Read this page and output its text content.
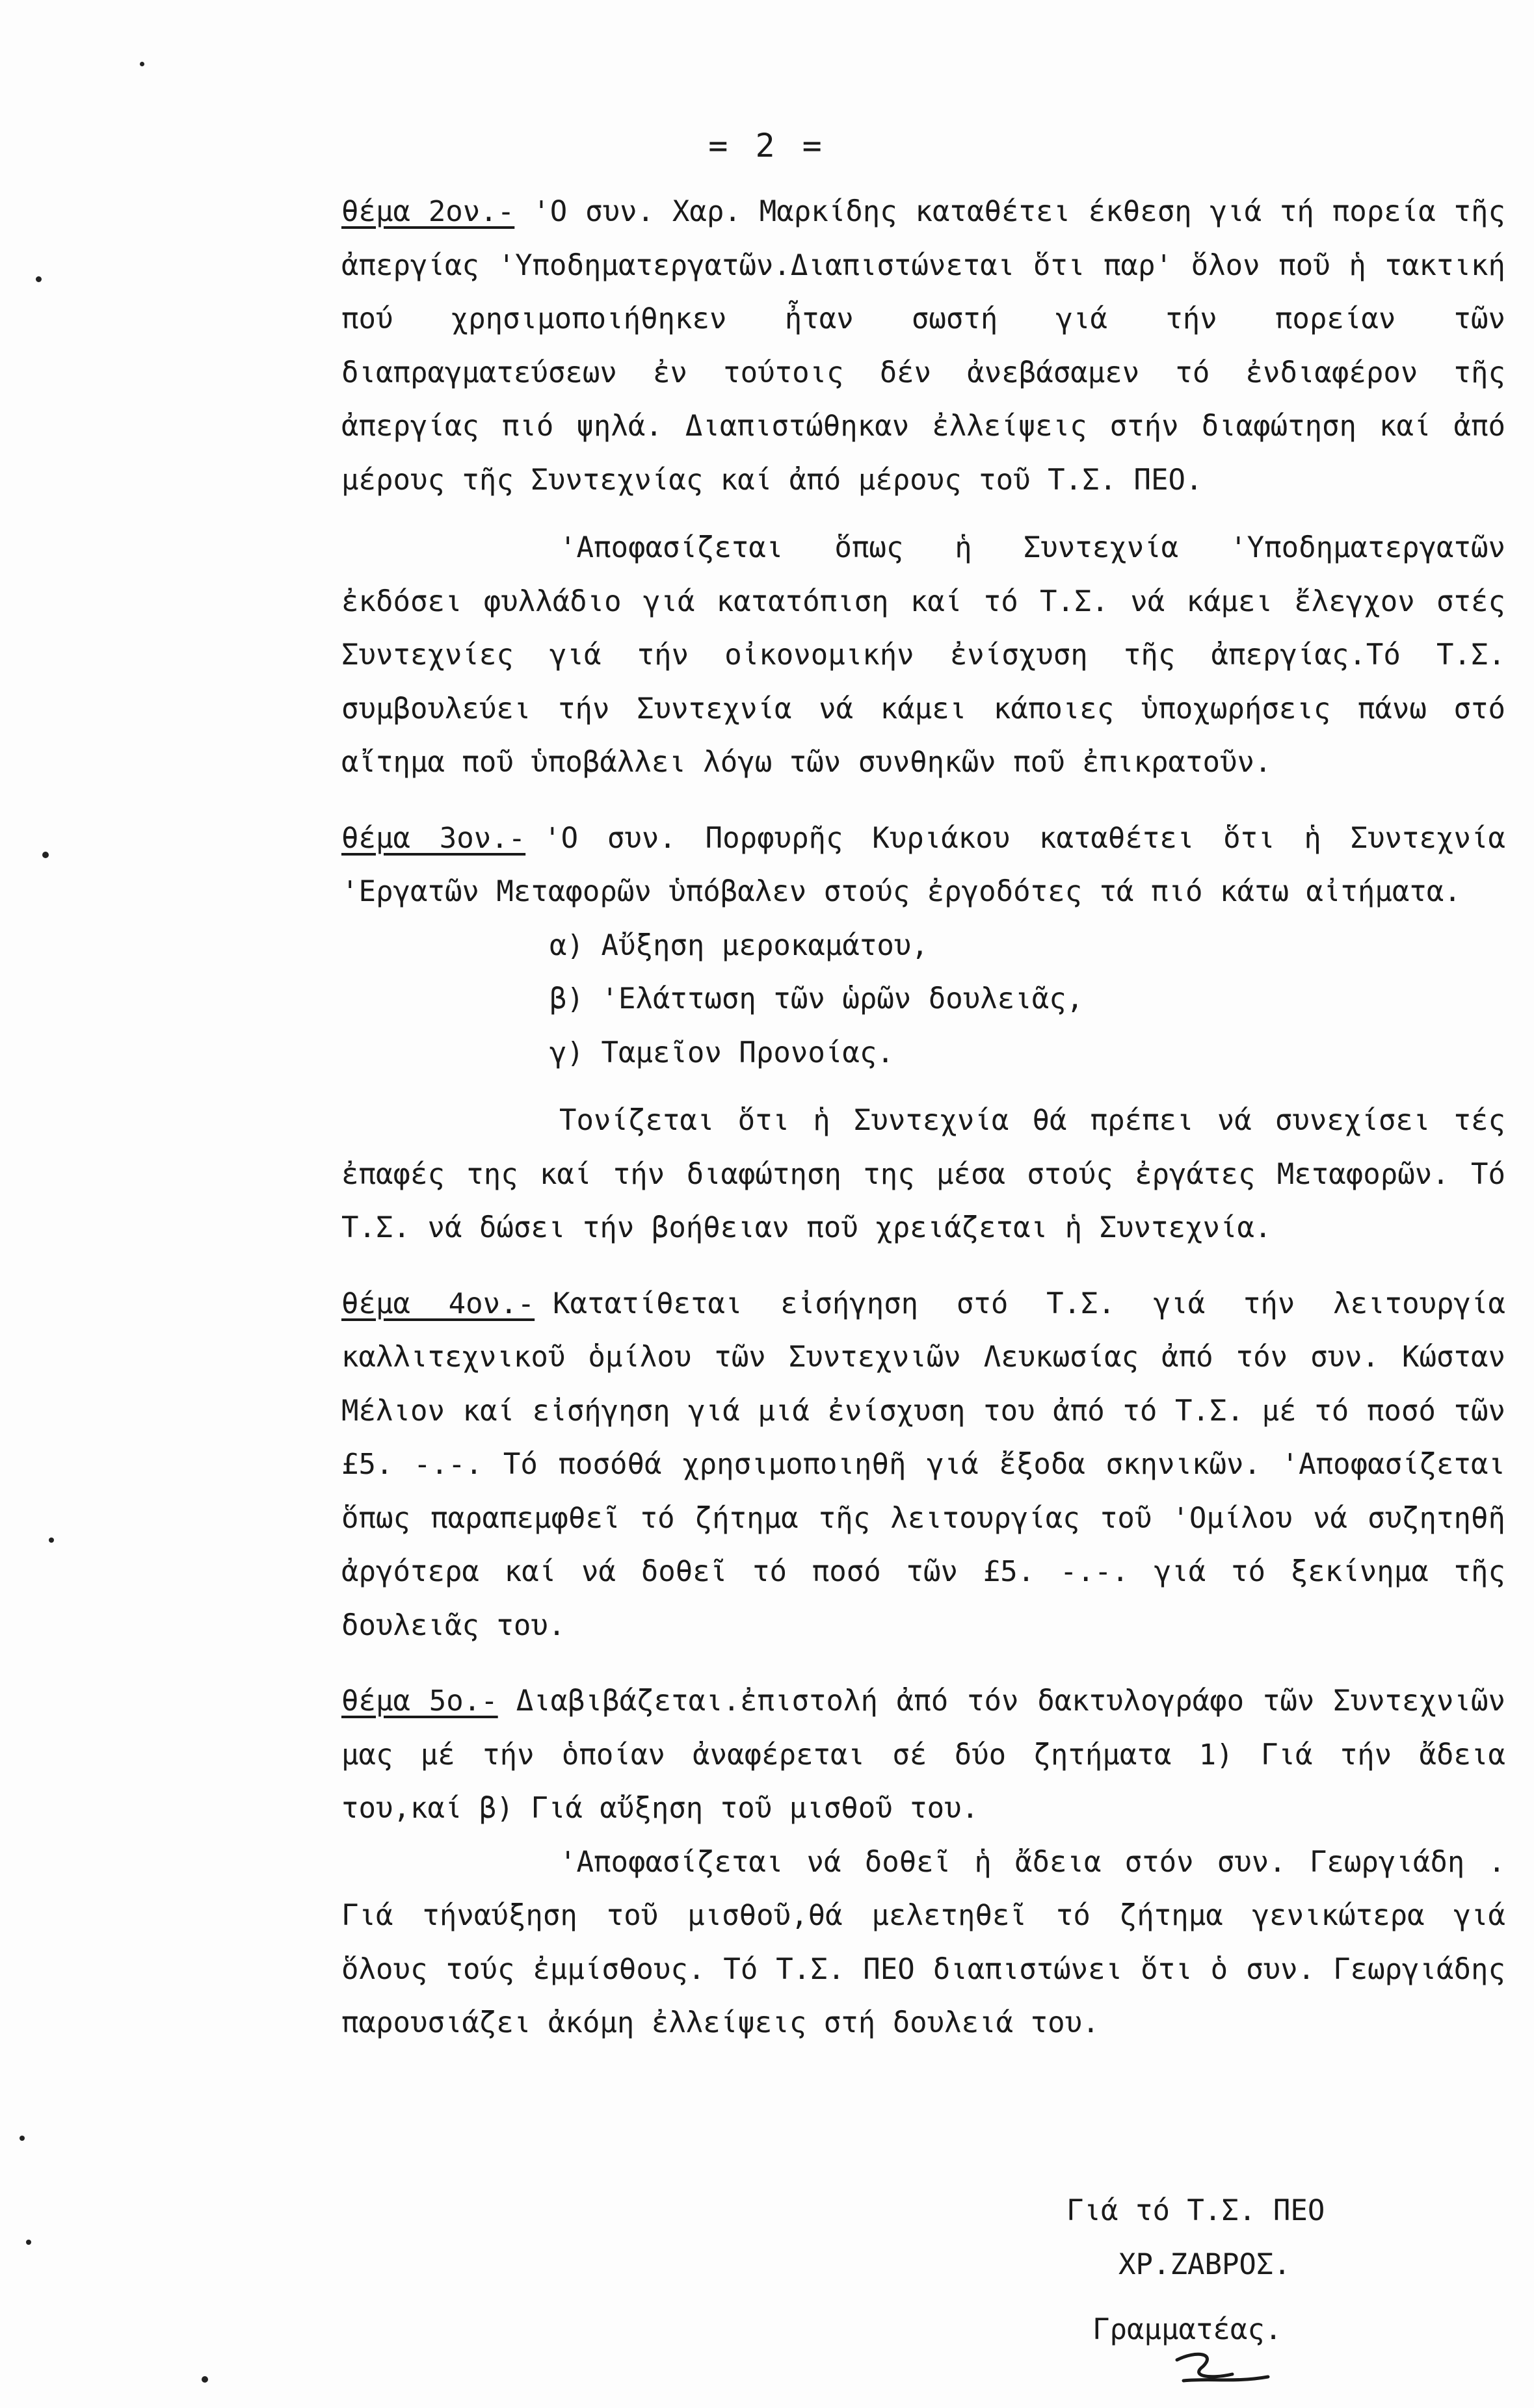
= 2 =

θέμα 2ον.- 'Ο συν. Χαρ. Μαρκίδης καταθέτει έκθεση γιά τή πορεία τῆς ἀπεργίας 'Υποδηματεργατῶν.Διαπιστώνεται ὅτι παρ' ὅλον ποῦ ἡ τακτική πού χρησιμοποιήθηκεν ἦταν σωστή γιά τήν πορείαν τῶν διαπραγματεύσεων ἐν τούτοις δέν ἀνεβάσαμεν τό ἐνδιαφέρον τῆς ἀπεργίας πιό ψηλά. Διαπιστώθηκαν ἐλλείψεις στήν διαφώτηση καί ἀπό μέρους τῆς Συντεχνίας καί ἀπό μέρους τοῦ Τ.Σ. ΠΕΟ.

'Αποφασίζεται ὅπως ἡ Συντεχνία 'Υποδηματεργατῶν ἐκδόσει φυλλάδιο γιά κατατόπιση καί τό Τ.Σ. νά κάμει ἔλεγχον στές Συντεχνίες γιά τήν οἰκονομικήν ἐνίσχυση τῆς ἀπεργίας.Τό Τ.Σ. συμβουλεύει τήν Συντεχνία νά κάμει κάποιες ὑποχωρήσεις πάνω στό αἴτημα ποῦ ὑποβάλλει λόγω τῶν συνθηκῶν ποῦ ἐπικρατοῦν.

θέμα 3ον.- 'Ο συν. Πορφυρῆς Κυριάκου καταθέτει ὅτι ἡ Συντεχνία 'Εργατῶν Μεταφορῶν ὑπόβαλεν στούς ἐργοδότες τά πιό κάτω αἰτήματα.

α) Αὔξηση μεροκαμάτου,
β) 'Ελάττωση τῶν ὡρῶν δουλειᾶς,
γ) Ταμεῖον Προνοίας.

Τονίζεται ὅτι ἡ Συντεχνία θά πρέπει νά συνεχίσει τές ἐπαφές της καί τήν διαφώτηση της μέσα στούς ἐργάτες Μεταφορῶν. Τό Τ.Σ. νά δώσει τήν βοήθειαν ποῦ χρειάζεται ἡ Συντεχνία.

θέμα 4ον.- Κατατίθεται εἰσήγηση στό Τ.Σ. γιά τήν λειτουργία καλλιτεχνικοῦ ὁμίλου τῶν Συντεχνιῶν Λευκωσίας ἀπό τόν συν. Κώσταν Μέλιον καί εἰσήγηση γιά μιά ἐνίσχυση του ἀπό τό Τ.Σ. μέ τό ποσό τῶν £5. -.-. Τό ποσόθά χρησιμοποιηθῆ γιά ἔξοδα σκηνικῶν. 'Αποφασίζεται ὅπως παραπεμφθεῖ τό ζήτημα τῆς λειτουργίας τοῦ 'Ομίλου νά συζητηθῆ ἀργότερα καί νά δοθεῖ τό ποσό τῶν £5. -.-. γιά τό ξεκίνημα τῆς δουλειᾶς του.

θέμα 5ο.- Διαβιβάζεται.ἐπιστολή ἀπό τόν δακτυλογράφο τῶν Συντεχνιῶν μας μέ τήν ὁποίαν ἀναφέρεται σέ δύο ζητήματα 1) Γιά τήν ἄδεια του,καί β) Γιά αὔξηση τοῦ μισθοῦ του.

'Αποφασίζεται νά δοθεῖ ἡ ἄδεια στόν συν. Γεωργιάδη . Γιά τήναύξηση τοῦ μισθοῦ,θά μελετηθεῖ τό ζήτημα γενικώτερα γιά ὅλους τούς ἐμμίσθους. Τό Τ.Σ. ΠΕΟ διαπιστώνει ὅτι ὁ συν. Γεωργιάδης παρουσιάζει ἀκόμη ἐλλείψεις στή δουλειά του.

Γιά τό Τ.Σ. ΠΕΟ
ΧΡ.ΖΑΒΡΟΣ.
Γραμματέας.
